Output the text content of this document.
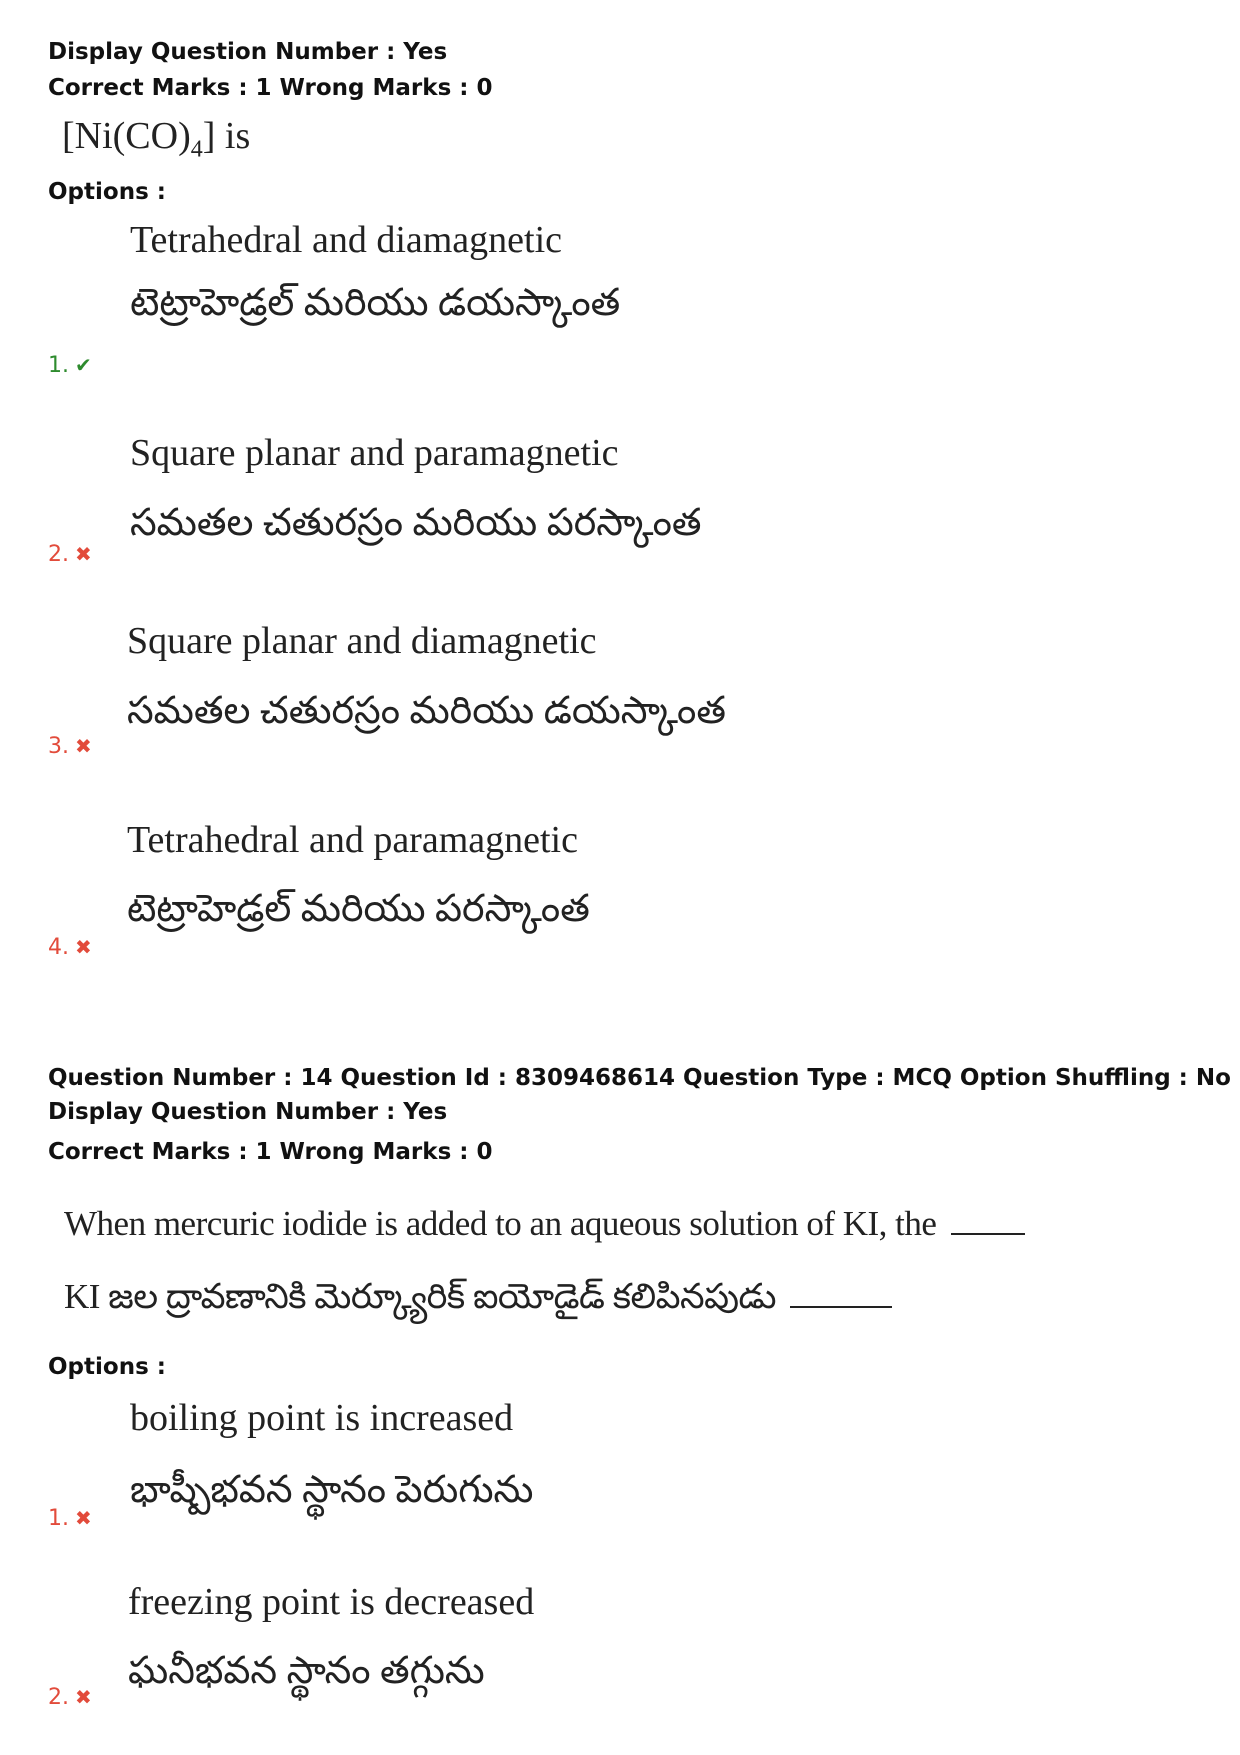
Display Question Number : Yes
Correct Marks : 1 Wrong Marks : 0
$[Ni(CO)_4]$ is
Options :
Tetrahedral and diamagnetic
టెట్రాహెడ్రల్ మరియు డయస్కాంత
1. ✔
Square planar and paramagnetic
సమతల చతురస్రం మరియు పరస్కాంత
2. ✖
Square planar and diamagnetic
సమతల చతురస్రం మరియు డయస్కాంత
3. ✖
Tetrahedral and paramagnetic
టెట్రాహెడ్రల్ మరియు పరస్కాంత
4. ✖
Question Number : 14 Question Id : 8309468614 Question Type : MCQ Option Shuffling : No
Display Question Number : Yes
Correct Marks : 1 Wrong Marks : 0
When mercuric iodide is added to an aqueous solution of KI, the
KI జల ద్రావణానికి మెర్క్యూరిక్ ఐయోడైడ్ కలిపినపుడు
Options :
boiling point is increased
భాష్పీభవన స్థానం పెరుగును
1. ✖
freezing point is decreased
ఘనీభవన స్థానం తగ్గును
2. ✖
